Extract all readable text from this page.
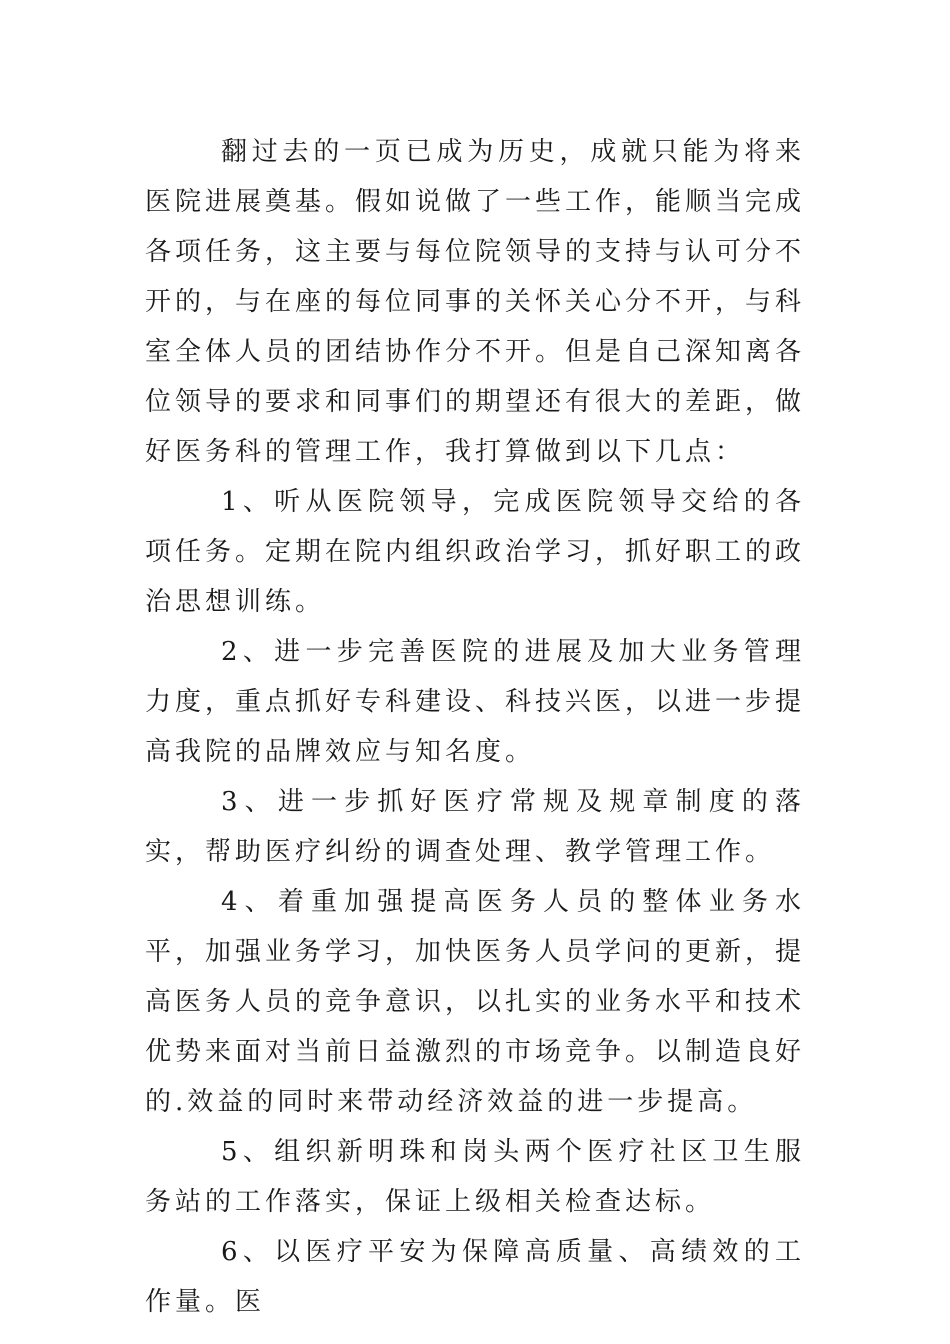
翻过去的一页已成为历史，成就只能为将来医院进展奠基。假如说做了一些工作，能顺当完成各项任务，这主要与每位院领导的支持与认可分不开的，与在座的每位同事的关怀关心分不开，与科室全体人员的团结协作分不开。但是自己深知离各位领导的要求和同事们的期望还有很大的差距，做好医务科的管理工作，我打算做到以下几点：

1、听从医院领导，完成医院领导交给的各项任务。定期在院内组织政治学习，抓好职工的政治思想训练。

2、进一步完善医院的进展及加大业务管理力度，重点抓好专科建设、科技兴医，以进一步提高我院的品牌效应与知名度。

3、进一步抓好医疗常规及规章制度的落实，帮助医疗纠纷的调查处理、教学管理工作。

4、着重加强提高医务人员的整体业务水平，加强业务学习，加快医务人员学问的更新，提高医务人员的竞争意识，以扎实的业务水平和技术优势来面对当前日益激烈的市场竞争。以制造良好的.效益的同时来带动经济效益的进一步提高。

5、组织新明珠和岗头两个医疗社区卫生服务站的工作落实，保证上级相关检查达标。

6、以医疗平安为保障高质量、高绩效的工作量。医
